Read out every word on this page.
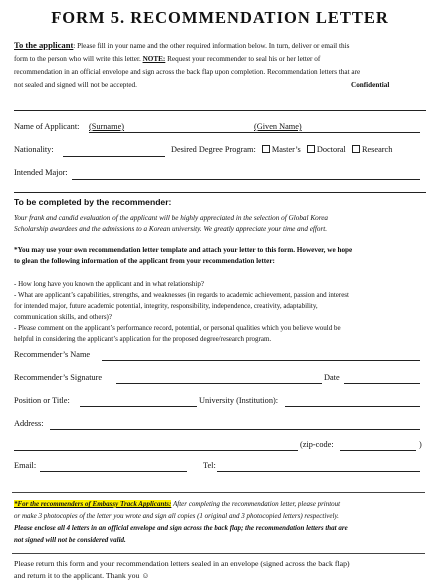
FORM 5. RECOMMENDATION LETTER
To the applicant: Please fill in your name and the other required information below. In turn, deliver or email this
form to the person who will write this letter. NOTE: Request your recommender to seal his or her letter of
recommendation in an official envelope and sign across the back flap upon completion. Recommendation letters that are
not sealed and signed will not be accepted.	Confidential
Name of Applicant: (Surname)	(Given Name)
Nationality:	Desired Degree Program: Master’s Doctoral Research
Intended Major:
To be completed by the recommender:
Your frank and candid evaluation of the applicant will be highly appreciated in the selection of Global Korea
Scholarship awardees and the admissions to a Korean university. We greatly appreciate your time and effort.
*You may use your own recommendation letter template and attach your letter to this form. However, we hope
to glean the following information of the applicant from your recommendation letter:
- How long have you known the applicant and in what relationship?
- What are applicant’s capabilities, strengths, and weaknesses (in regards to academic achievement, passion and interest
for intended major, future academic potential, integrity, responsibility, independence, creativity, adaptability,
communication skills, and others)?
- Please comment on the applicant’s performance record, potential, or personal qualities which you believe would be
helpful in considering the applicant’s application for the proposed degree/research program.
Recommender’s Name
Recommender’s Signature	Date
Position or Title:	University (Institution):
Address:
(zip-code:	)
Email:	Tel:
*For the recommenders of Embassy Track Applicants: After completing the recommendation letter, please printout
or make 3 photocopies of the letter you wrote and sign all copies (1 original and 3 photocopied letters) respectively.
Please enclose all 4 letters in an official envelope and sign across the back flap; the recommendation letters that are
not signed will not be considered valid.
Please return this form and your recommendation letters sealed in an envelope (signed across the back flap)
and return it to the applicant. Thank you ☺
